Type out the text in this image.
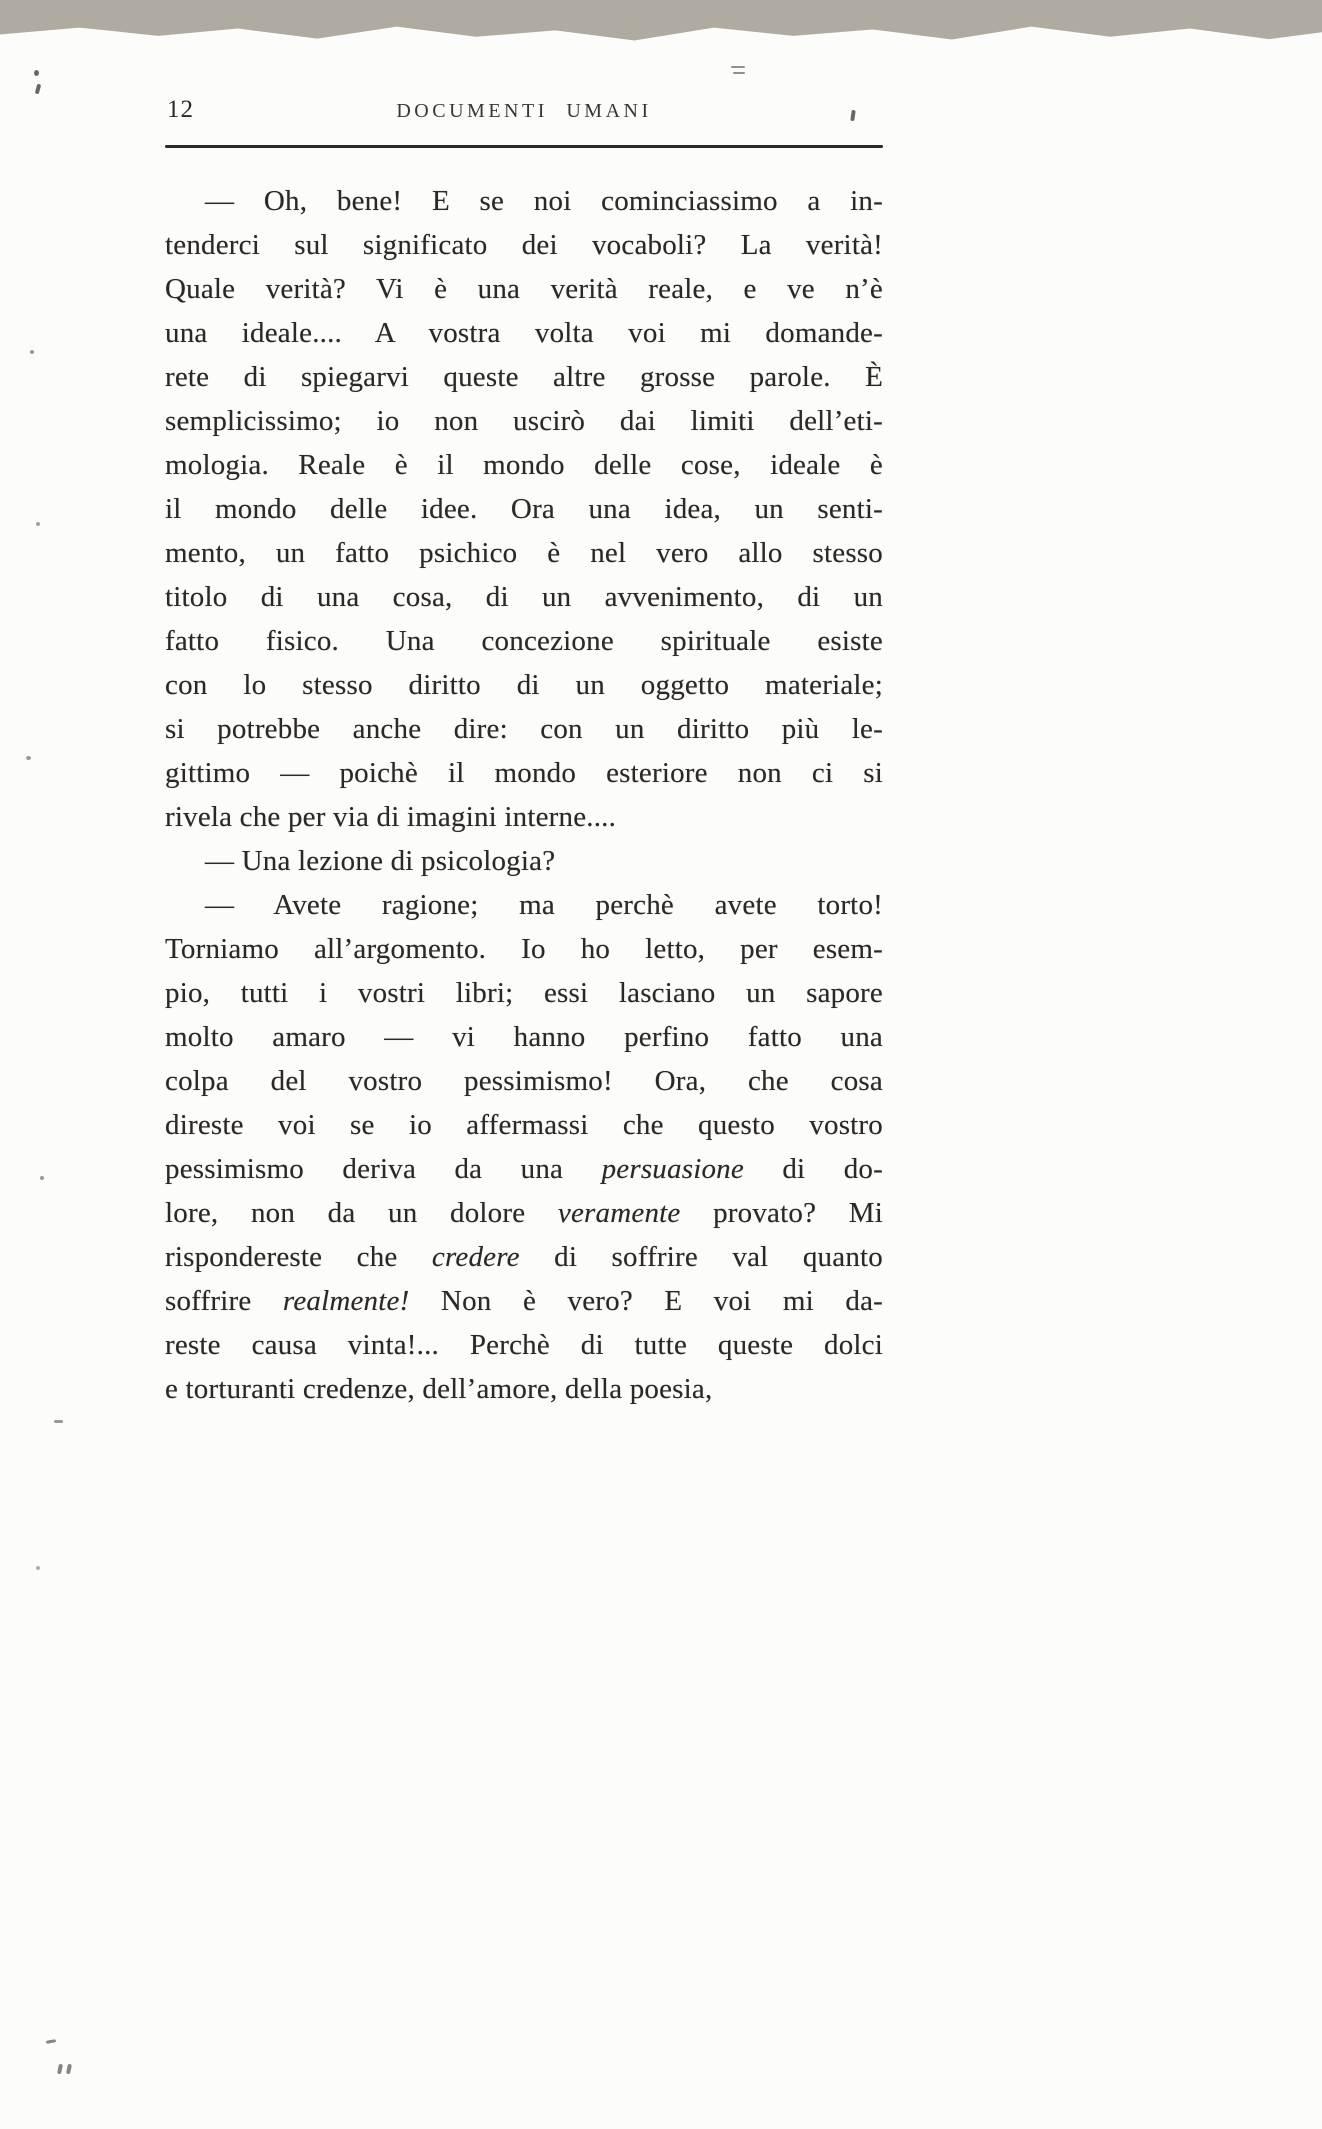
12	DOCUMENTI UMANI
— Oh, bene! E se noi cominciassimo a in-
tenderci sul significato dei vocaboli? La verità!
Quale verità? Vi è una verità reale, e ve n’è
una ideale.... A vostra volta voi mi domande-
rete di spiegarvi queste altre grosse parole. È
semplicissimo; io non uscirò dai limiti dell’eti-
mologia. Reale è il mondo delle cose, ideale è
il mondo delle idee. Ora una idea, un senti-
mento, un fatto psichico è nel vero allo stesso
titolo di una cosa, di un avvenimento, di un
fatto fisico. Una concezione spirituale esiste
con lo stesso diritto di un oggetto materiale;
si potrebbe anche dire: con un diritto più le-
gittimo — poichè il mondo esteriore non ci si
rivela che per via di imagini interne....
— Una lezione di psicologia?
— Avete ragione; ma perchè avete torto!
Torniamo all’argomento. Io ho letto, per esem-
pio, tutti i vostri libri; essi lasciano un sapore
molto amaro — vi hanno perfino fatto una
colpa del vostro pessimismo! Ora, che cosa
direste voi se io affermassi che questo vostro
pessimismo deriva da una persuasione di do-
lore, non da un dolore veramente provato? Mi
rispondereste che credere di soffrire val quanto
soffrire realmente! Non è vero? E voi mi da-
reste causa vinta!... Perchè di tutte queste dolci
e torturanti credenze, dell’amore, della poesia,
